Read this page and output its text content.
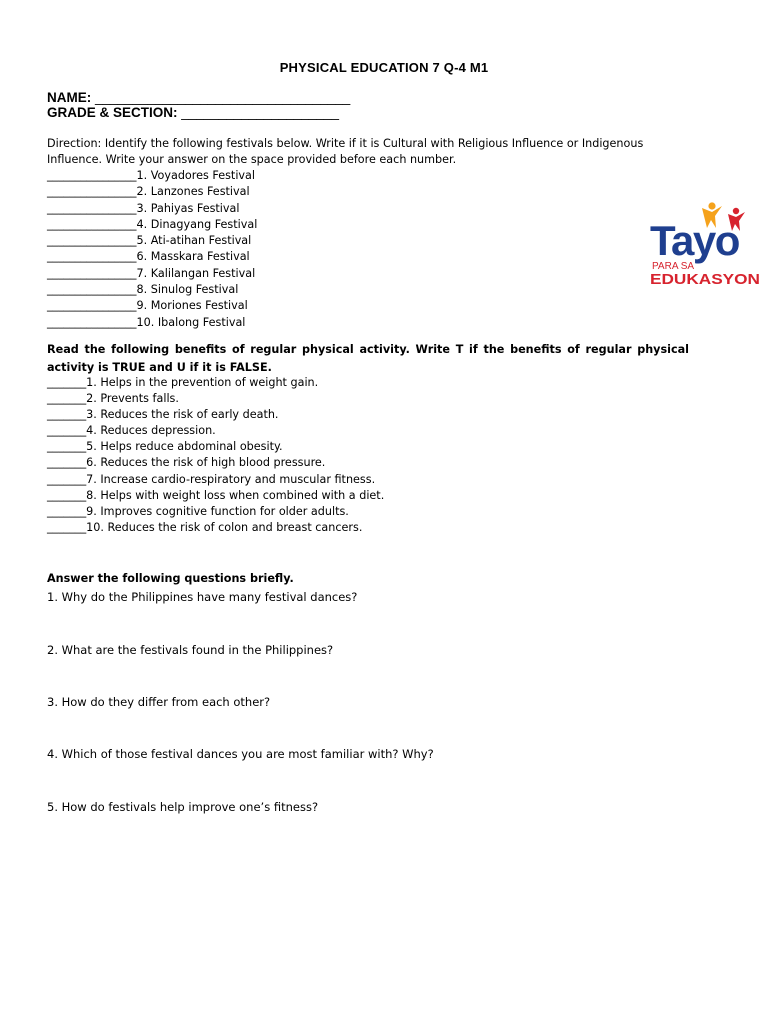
PHYSICAL EDUCATION 7 Q-4 M1
NAME: __________________________________
GRADE & SECTION: _____________________
Direction: Identify the following festivals below. Write if it is Cultural with Religious Influence or Indigenous Influence. Write your answer on the space provided before each number.
________________1. Voyadores Festival
________________2. Lanzones Festival
________________3. Pahiyas Festival
________________4. Dinagyang Festival
________________5. Ati-atihan Festival
________________6. Masskara Festival
________________7. Kalilangan Festival
________________8. Sinulog Festival
________________9. Moriones Festival
________________10. Ibalong Festival
Read the following benefits of regular physical activity. Write T if the benefits of regular physical activity is TRUE and U if it is FALSE.
_______1. Helps in the prevention of weight gain.
_______2. Prevents falls.
_______3. Reduces the risk of early death.
_______4. Reduces depression.
_______5. Helps reduce abdominal obesity.
_______6. Reduces the risk of high blood pressure.
_______7. Increase cardio-respiratory and muscular fitness.
_______8. Helps with weight loss when combined with a diet.
_______9. Improves cognitive function for older adults.
_______10. Reduces the risk of colon and breast cancers.
Answer the following questions briefly.
1. Why do the Philippines have many festival dances?
2. What are the festivals found in the Philippines?
3. How do they differ from each other?
4. Which of those festival dances you are most familiar with? Why?
5. How do festivals help improve one’s fitness?
Tayo
PARA SA
EDUKASYON
